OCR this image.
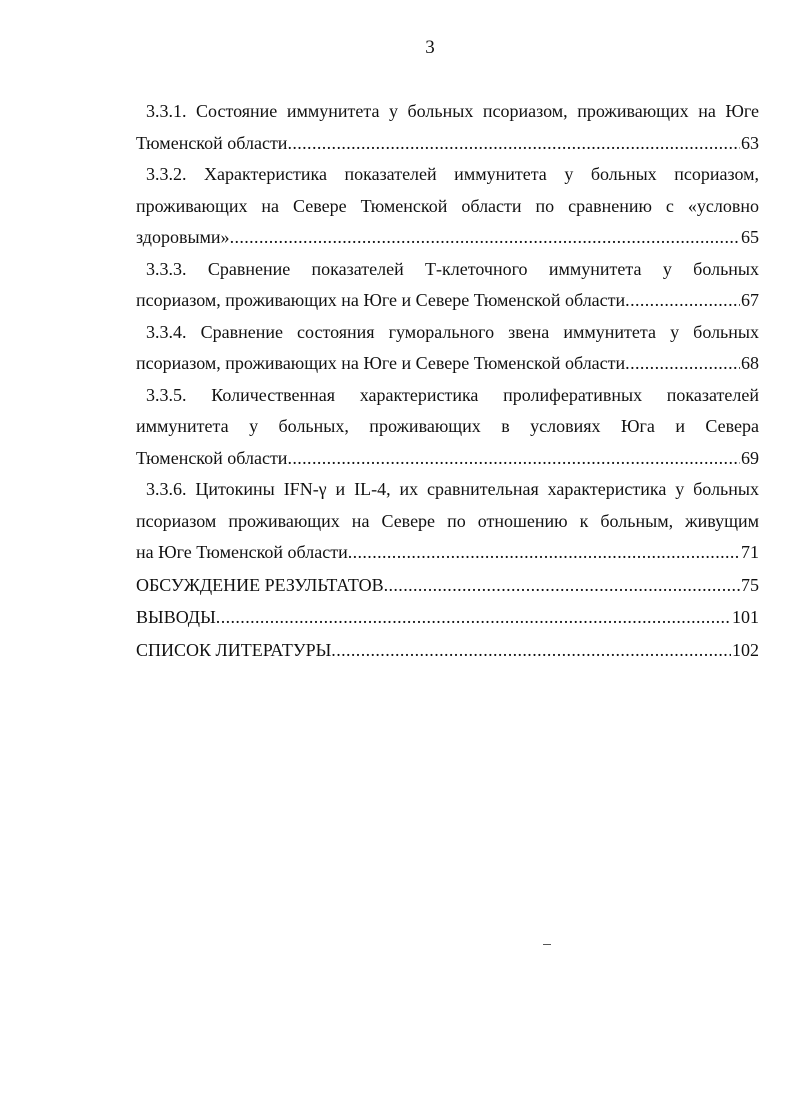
3
3.3.1. Состояние иммунитета у больных псориазом, проживающих на Юге
Тюменской области .....	63
3.3.2. Характеристика показателей иммунитета у больных псориазом,
проживающих на Севере Тюменской области по сравнению с «условно
здоровыми» .....	65
3.3.3. Сравнение показателей Т-клеточного иммунитета у больных
псориазом, проживающих на Юге и Севере Тюменской области .....	67
3.3.4. Сравнение состояния гуморального звена иммунитета у больных
псориазом, проживающих на Юге и Севере Тюменской области .....	68
3.3.5. Количественная характеристика пролиферативных показателей
иммунитета у больных, проживающих в условиях Юга и Севера
Тюменской области .....	69
3.3.6. Цитокины IFN-γ и IL-4, их сравнительная характеристика у больных
псориазом проживающих на Севере по отношению к больным, живущим
на Юге Тюменской области .....	71
ОБСУЖДЕНИЕ РЕЗУЛЬТАТОВ .....	75
ВЫВОДЫ .....	101
СПИСОК ЛИТЕРАТУРЫ .....	102
